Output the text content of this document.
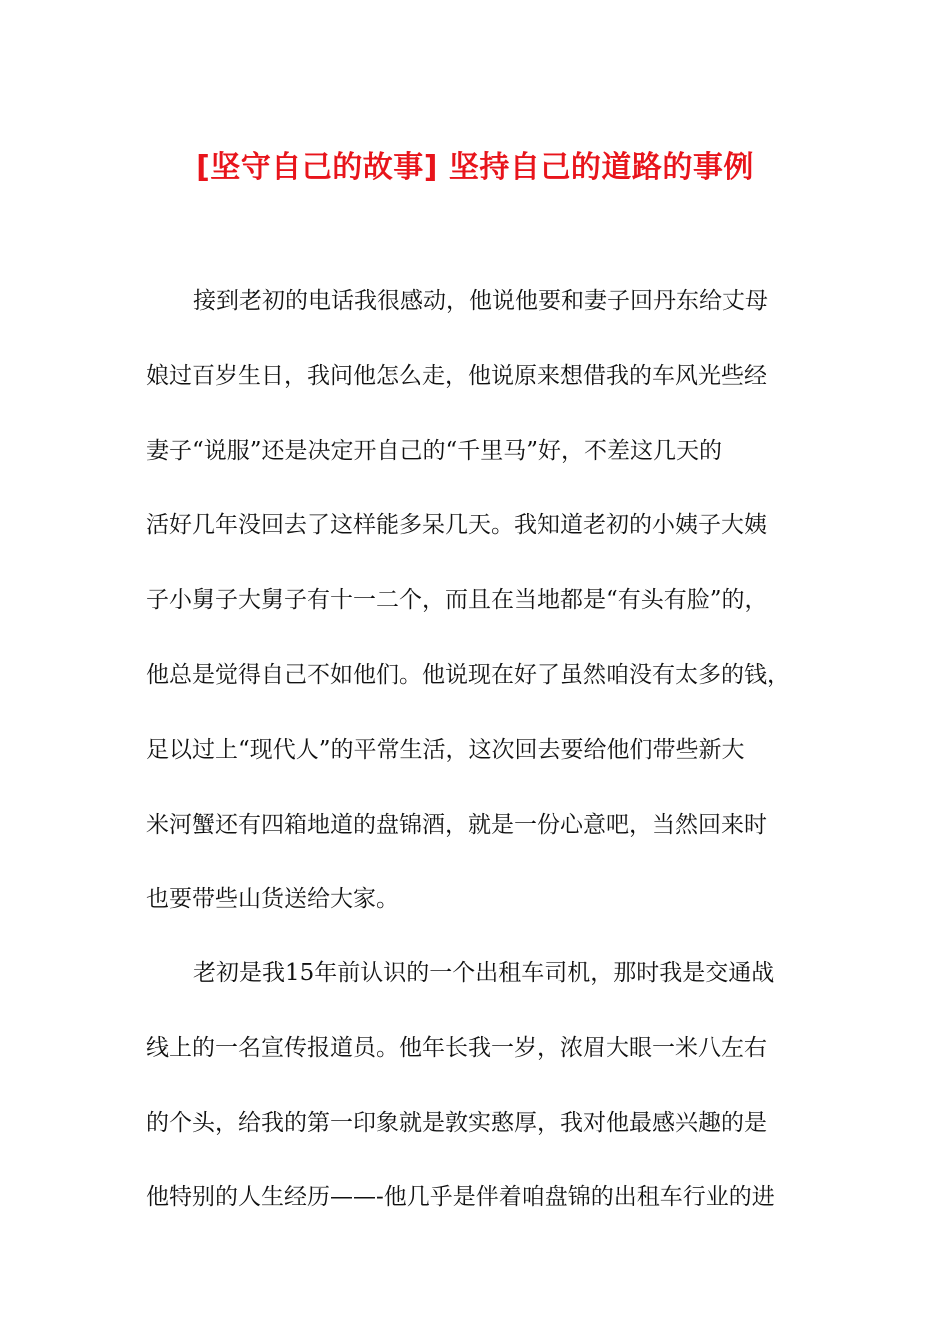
[坚守自己的故事] 坚持自己的道路的事例
接到老初的电话我很感动，他说他要和妻子回丹东给丈母
娘过百岁生日，我问他怎么走，他说原来想借我的车风光些经
妻子“说服”还是决定开自己的“千里马”好，不差这几天的
活好几年没回去了这样能多呆几天。我知道老初的小姨子大姨
子小舅子大舅子有十一二个，而且在当地都是“有头有脸”的，
他总是觉得自己不如他们。他说现在好了虽然咱没有太多的钱，
足以过上“现代人”的平常生活，这次回去要给他们带些新大
米河蟹还有四箱地道的盘锦酒，就是一份心意吧，当然回来时
也要带些山货送给大家。
老初是我15年前认识的一个出租车司机，那时我是交通战
线上的一名宣传报道员。他年长我一岁，浓眉大眼一米八左右
的个头，给我的第一印象就是敦实憨厚，我对他最感兴趣的是
他特别的人生经历——-他几乎是伴着咱盘锦的出租车行业的进
